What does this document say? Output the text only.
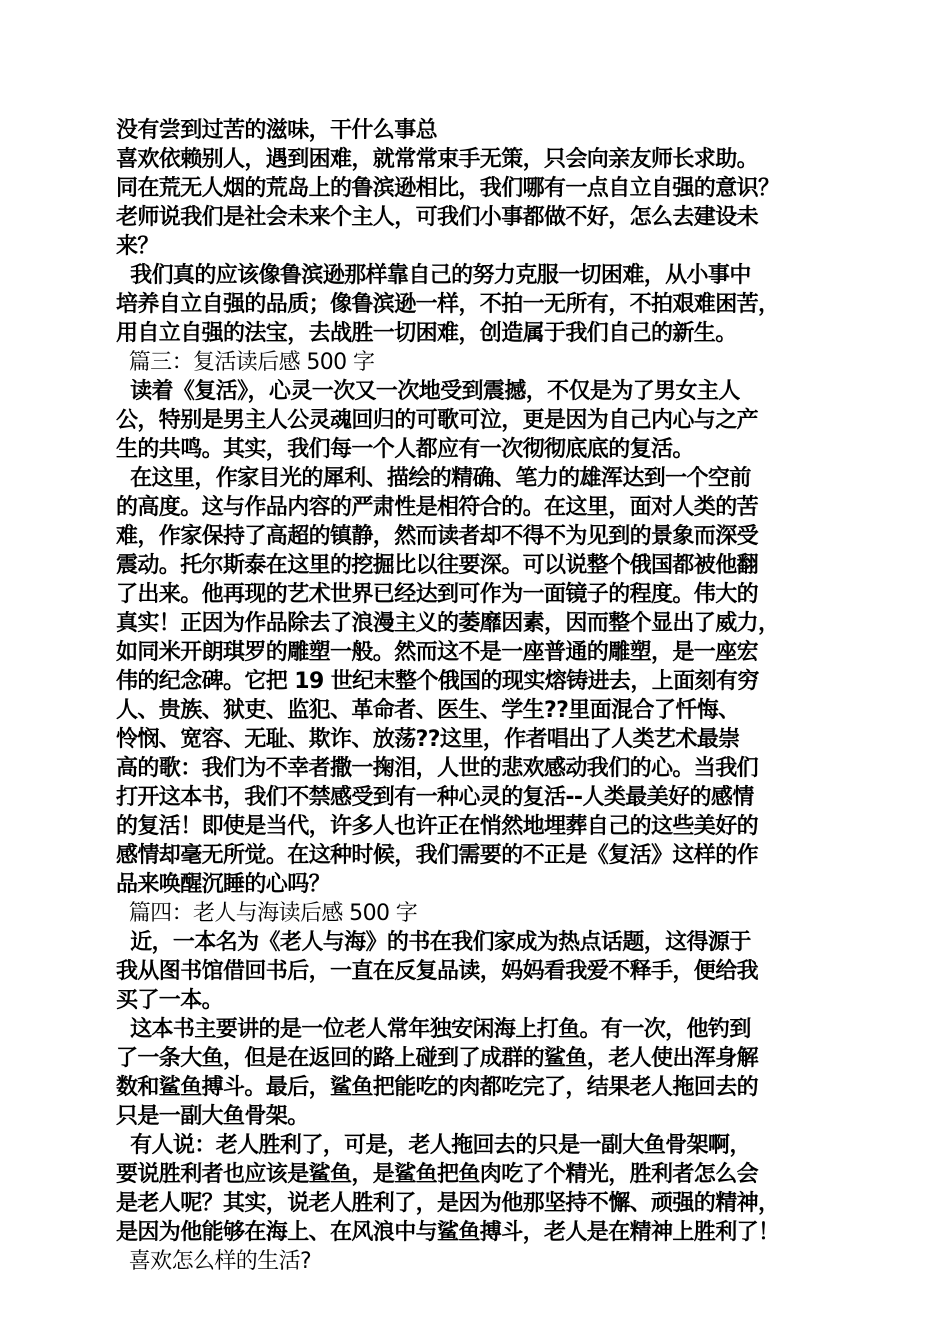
没有尝到过苦的滋味，干什么事总
喜欢依赖别人，遇到困难，就常常束手无策，只会向亲友师长求助。
同在荒无人烟的荒岛上的鲁滨逊相比，我们哪有一点自立自强的意识？
老师说我们是社会未来个主人，可我们小事都做不好，怎么去建设未
来？
我们真的应该像鲁滨逊那样靠自己的努力克服一切困难，从小事中
培养自立自强的品质；像鲁滨逊一样，不拍一无所有，不拍艰难困苦，
用自立自强的法宝，去战胜一切困难，创造属于我们自己的新生。
篇三：复活读后感 500 字
读着《复活》，心灵一次又一次地受到震撼，不仅是为了男女主人
公，特别是男主人公灵魂回归的可歌可泣，更是因为自己内心与之产
生的共鸣。其实，我们每一个人都应有一次彻彻底底的复活。
在这里，作家目光的犀利、描绘的精确、笔力的雄浑达到一个空前
的高度。这与作品内容的严肃性是相符合的。在这里，面对人类的苦
难，作家保持了高超的镇静，然而读者却不得不为见到的景象而深受
震动。托尔斯泰在这里的挖掘比以往要深。可以说整个俄国都被他翻
了出来。他再现的艺术世界已经达到可作为一面镜子的程度。伟大的
真实！正因为作品除去了浪漫主义的萎靡因素，因而整个显出了威力，
如同米开朗琪罗的雕塑一般。然而这不是一座普通的雕塑，是一座宏
伟的纪念碑。它把 19 世纪末整个俄国的现实熔铸进去，上面刻有穷
人、贵族、狱吏、监犯、革命者、医生、学生??里面混合了忏悔、
怜悯、宽容、无耻、欺诈、放荡??这里，作者唱出了人类艺术最崇
高的歌：我们为不幸者撒一掬泪，人世的悲欢感动我们的心。当我们
打开这本书，我们不禁感受到有一种心灵的复活--人类最美好的感情
的复活！即使是当代，许多人也许正在悄然地埋葬自己的这些美好的
感情却毫无所觉。在这种时候，我们需要的不正是《复活》这样的作
品来唤醒沉睡的心吗？
篇四：老人与海读后感 500 字
近，一本名为《老人与海》的书在我们家成为热点话题，这得源于
我从图书馆借回书后，一直在反复品读，妈妈看我爱不释手，便给我
买了一本。
这本书主要讲的是一位老人常年独安闲海上打鱼。有一次，他钓到
了一条大鱼，但是在返回的路上碰到了成群的鲨鱼，老人使出浑身解
数和鲨鱼搏斗。最后，鲨鱼把能吃的肉都吃完了，结果老人拖回去的
只是一副大鱼骨架。
有人说：老人胜利了，可是，老人拖回去的只是一副大鱼骨架啊，
要说胜利者也应该是鲨鱼，是鲨鱼把鱼肉吃了个精光，胜利者怎么会
是老人呢？其实，说老人胜利了，是因为他那坚持不懈、顽强的精神，
是因为他能够在海上、在风浪中与鲨鱼搏斗，老人是在精神上胜利了！
喜欢怎么样的生活?
